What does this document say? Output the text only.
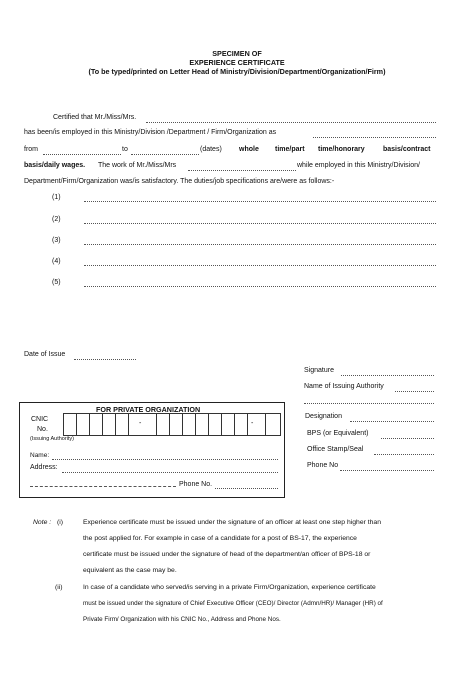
SPECIMEN OF
EXPERIENCE CERTIFICATE
(To be typed/printed on Letter Head of Ministry/Division/Department/Organization/Firm)
Certified that Mr./Miss/Mrs.
has been/is employed in this Ministry/Division /Department / Firm/Organization as
from	to	(dates) whole time/part time/honorary	basis/contract
basis/daily wages. The work of Mr./Miss/Mrs	while employed in this Ministry/Division/
Department/Firm/Organization was/is satisfactory. The duties/job specifications are/were as follows:-
(1)
(2)
(3)
(4)
(5)
Date of Issue
Signature
Name of Issuing Authority
Designation
BPS (or Equivalent)
Office Stamp/Seal
Phone No
FOR PRIVATE ORGANIZATION
CNIC
No.
(Issuing Authority)
-	-
Name:
Address:
Phone No.
Note : (i)	Experience certificate must be issued under the signature of an officer at least one step higher than
the post applied for. For example in case of a candidate for a post of BS-17, the experience
certificate must be issued under the signature of head of the department/an officer of BPS-18 or
equivalent as the case may be.
(ii)	In case of a candidate who served/is serving in a private Firm/Organization, experience certificate
must be issued under the signature of Chief Executive Officer (CEO)/ Director (Admn/HR)/ Manager (HR) of
Private Firm/ Organization with his CNIC No., Address and Phone Nos.
